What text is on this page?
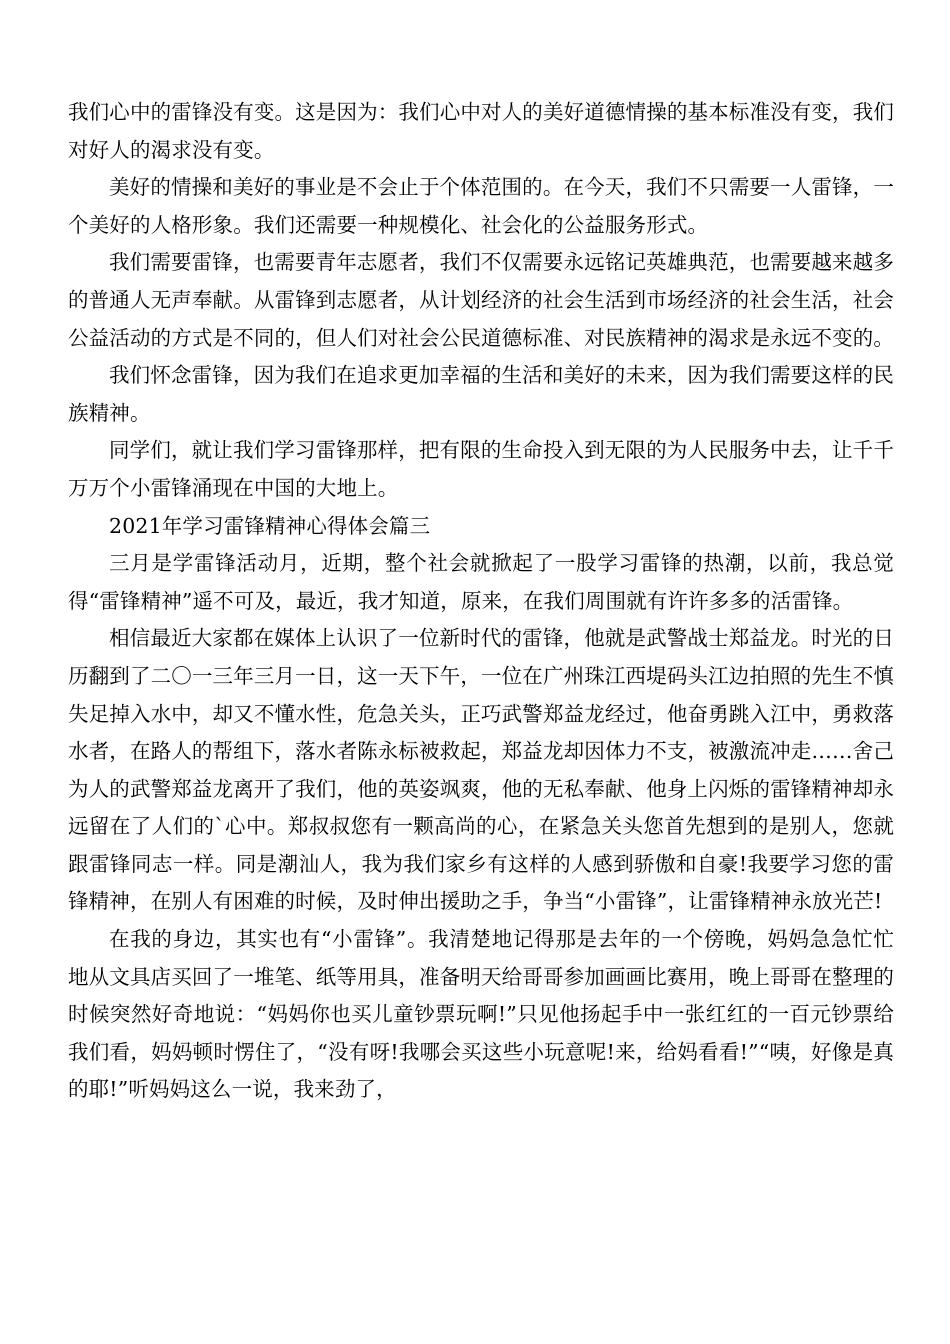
我们心中的雷锋没有变。这是因为：我们心中对人的美好道德情操的基本标准没有变，我们对好人的渴求没有变。

美好的情操和美好的事业是不会止于个体范围的。在今天，我们不只需要一人雷锋，一个美好的人格形象。我们还需要一种规模化、社会化的公益服务形式。

我们需要雷锋，也需要青年志愿者，我们不仅需要永远铭记英雄典范，也需要越来越多的普通人无声奉献。从雷锋到志愿者，从计划经济的社会生活到市场经济的社会生活，社会公益活动的方式是不同的，但人们对社会公民道德标准、对民族精神的渴求是永远不变的。

我们怀念雷锋，因为我们在追求更加幸福的生活和美好的未来，因为我们需要这样的民族精神。

同学们，就让我们学习雷锋那样，把有限的生命投入到无限的为人民服务中去，让千千万万个小雷锋涌现在中国的大地上。

2021年学习雷锋精神心得体会篇三

三月是学雷锋活动月，近期，整个社会就掀起了一股学习雷锋的热潮，以前，我总觉得“雷锋精神”遥不可及，最近，我才知道，原来，在我们周围就有许许多多的活雷锋。

相信最近大家都在媒体上认识了一位新时代的雷锋，他就是武警战士郑益龙。时光的日历翻到了二〇一三年三月一日，这一天下午，一位在广州珠江西堤码头江边拍照的先生不慎失足掉入水中，却又不懂水性，危急关头，正巧武警郑益龙经过，他奋勇跳入江中，勇救落水者，在路人的帮组下，落水者陈永标被救起，郑益龙却因体力不支，被激流冲走……舍己为人的武警郑益龙离开了我们，他的英姿飒爽，他的无私奉献、他身上闪烁的雷锋精神却永远留在了人们的`心中。郑叔叔您有一颗高尚的心，在紧急关头您首先想到的是别人，您就跟雷锋同志一样。同是潮汕人，我为我们家乡有这样的人感到骄傲和自豪!我要学习您的雷锋精神，在别人有困难的时候，及时伸出援助之手，争当“小雷锋”，让雷锋精神永放光芒!

在我的身边，其实也有“小雷锋”。我清楚地记得那是去年的一个傍晚，妈妈急急忙忙地从文具店买回了一堆笔、纸等用具，准备明天给哥哥参加画画比赛用，晚上哥哥在整理的时候突然好奇地说：“妈妈你也买儿童钞票玩啊!”只见他扬起手中一张红红的一百元钞票给我们看，妈妈顿时愣住了，“没有呀!我哪会买这些小玩意呢!来，给妈看看!”“咦，好像是真的耶!”听妈妈这么一说，我来劲了，
